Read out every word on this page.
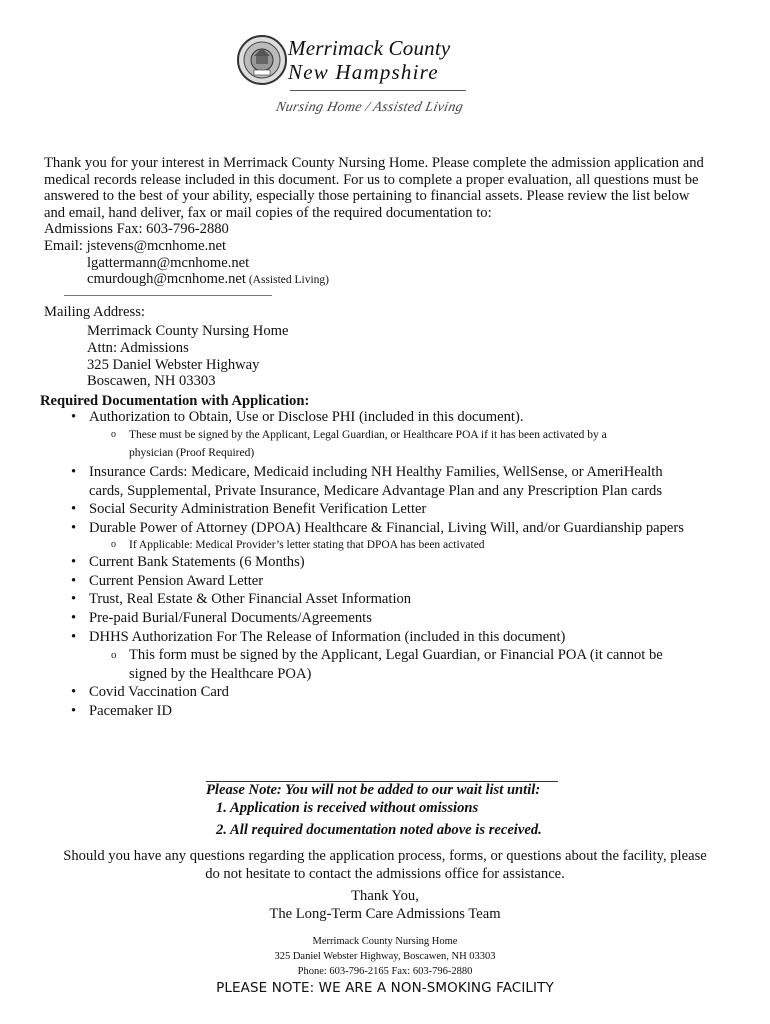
Merrimack County
New Hampshire
Nursing Home / Assisted Living
Thank you for your interest in Merrimack County Nursing Home. Please complete the admission application and
medical records release included in this document. For us to complete a proper evaluation, all questions must be
answered to the best of your ability, especially those pertaining to financial assets. Please review the list below
and email, hand deliver, fax or mail copies of the required documentation to:
Admissions Fax: 603-796-2880
Email: jstevens@mcnhome.net
lgattermann@mcnhome.net
cmurdough@mcnhome.net (Assisted Living)
Mailing Address:
Merrimack County Nursing Home
Attn: Admissions
325 Daniel Webster Highway
Boscawen, NH 03303
Required Documentation with Application:
• Authorization to Obtain, Use or Disclose PHI (included in this document).
o These must be signed by the Applicant, Legal Guardian, or Healthcare POA if it has been activated by a
physician (Proof Required)
• Insurance Cards: Medicare, Medicaid including NH Healthy Families, WellSense, or AmeriHealth
cards, Supplemental, Private Insurance, Medicare Advantage Plan and any Prescription Plan cards
• Social Security Administration Benefit Verification Letter
• Durable Power of Attorney (DPOA) Healthcare & Financial, Living Will, and/or Guardianship papers
o If Applicable: Medical Provider’s letter stating that DPOA has been activated
• Current Bank Statements (6 Months)
• Current Pension Award Letter
• Trust, Real Estate & Other Financial Asset Information
• Pre-paid Burial/Funeral Documents/Agreements
• DHHS Authorization For The Release of Information (included in this document)
o This form must be signed by the Applicant, Legal Guardian, or Financial POA (it cannot be
signed by the Healthcare POA)
• Covid Vaccination Card
• Pacemaker ID
Please Note: You will not be added to our wait list until:
1. Application is received without omissions
2. All required documentation noted above is received.
Should you have any questions regarding the application process, forms, or questions about the facility, please
do not hesitate to contact the admissions office for assistance.
Thank You,
The Long-Term Care Admissions Team
Merrimack County Nursing Home
325 Daniel Webster Highway, Boscawen, NH 03303
Phone: 603-796-2165 Fax: 603-796-2880
PLEASE NOTE: WE ARE A NON-SMOKING FACILITY
